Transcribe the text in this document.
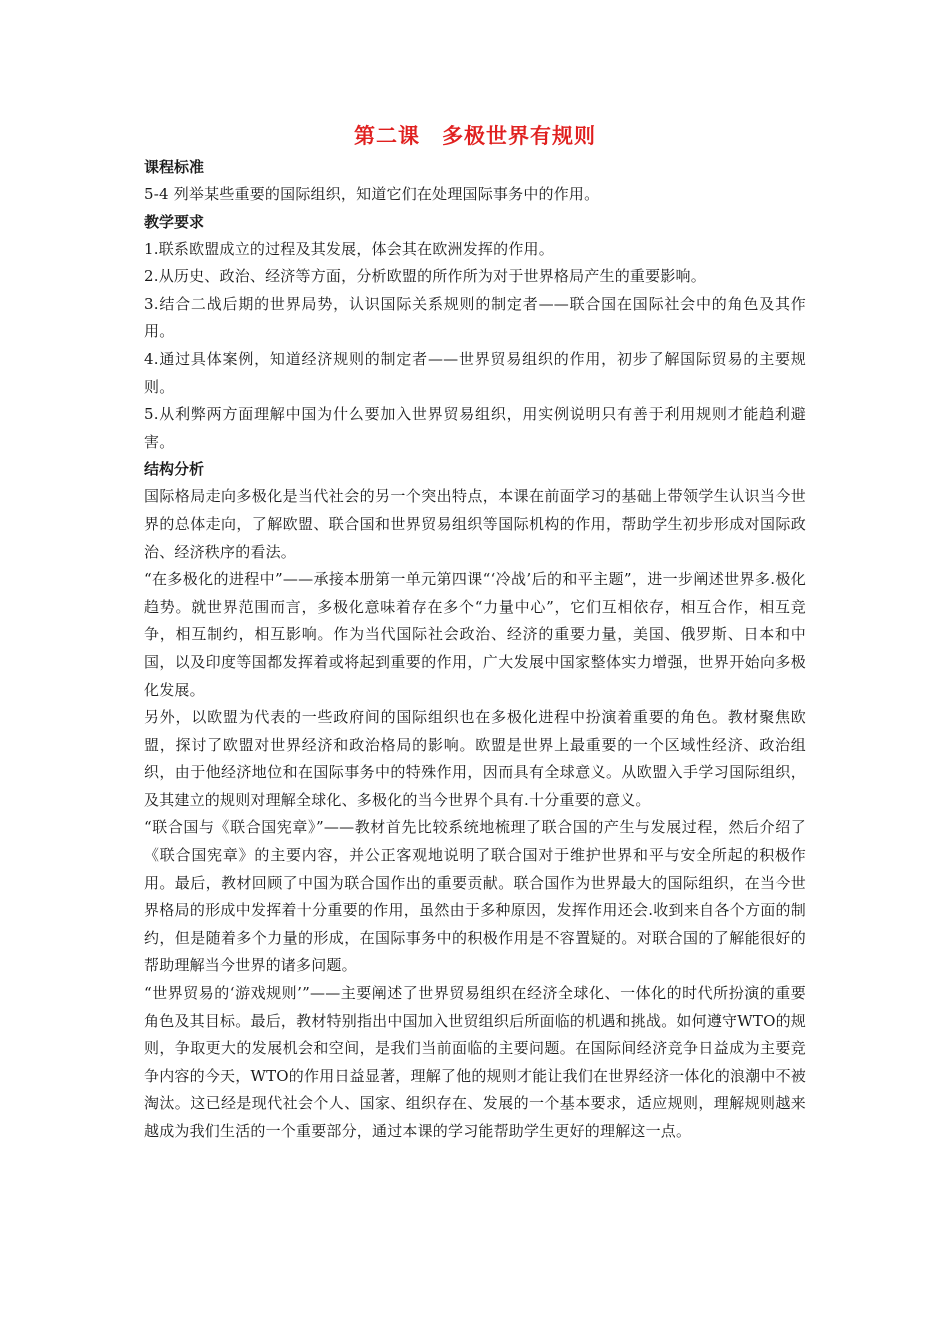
第二课 多极世界有规则
课程标准

5-4 列举某些重要的国际组织，知道它们在处理国际事务中的作用。

教学要求

1.联系欧盟成立的过程及其发展，体会其在欧洲发挥的作用。

2.从历史、政治、经济等方面，分析欧盟的所作所为对于世界格局产生的重要影响。

3.结合二战后期的世界局势，认识国际关系规则的制定者——联合国在国际社会中的角色及其作用。

4.通过具体案例，知道经济规则的制定者——世界贸易组织的作用，初步了解国际贸易的主要规则。

5.从利弊两方面理解中国为什么要加入世界贸易组织，用实例说明只有善于利用规则才能趋利避害。

结构分析

国际格局走向多极化是当代社会的另一个突出特点，本课在前面学习的基础上带领学生认识当今世界的总体走向，了解欧盟、联合国和世界贸易组织等国际机构的作用，帮助学生初步形成对国际政治、经济秩序的看法。

“在多极化的进程中”——承接本册第一单元第四课“‘冷战’后的和平主题”，进一步阐述世界多.极化趋势。就世界范围而言，多极化意味着存在多个“力量中心”，它们互相依存，相互合作，相互竞争，相互制约，相互影响。作为当代国际社会政治、经济的重要力量，美国、俄罗斯、日本和中国，以及印度等国都发挥着或将起到重要的作用，广大发展中国家整体实力增强，世界开始向多极化发展。

另外，以欧盟为代表的一些政府间的国际组织也在多极化进程中扮演着重要的角色。教材聚焦欧盟，探讨了欧盟对世界经济和政治格局的影响。欧盟是世界上最重要的一个区域性经济、政治组织，由于他经济地位和在国际事务中的特殊作用，因而具有全球意义。从欧盟入手学习国际组织，及其建立的规则对理解全球化、多极化的当今世界个具有.十分重要的意义。

“联合国与《联合国宪章》”——教材首先比较系统地梳理了联合国的产生与发展过程，然后介绍了《联合国宪章》的主要内容，并公正客观地说明了联合国对于维护世界和平与安全所起的积极作用。最后，教材回顾了中国为联合国作出的重要贡献。联合国作为世界最大的国际组织，在当今世界格局的形成中发挥着十分重要的作用，虽然由于多种原因，发挥作用还会.收到来自各个方面的制约，但是随着多个力量的形成，在国际事务中的积极作用是不容置疑的。对联合国的了解能很好的帮助理解当今世界的诸多问题。

“世界贸易的‘游戏规则’”——主要阐述了世界贸易组织在经济全球化、一体化的时代所扮演的重要角色及其目标。最后，教材特别指出中国加入世贸组织后所面临的机遇和挑战。如何遵守WTO的规则，争取更大的发展机会和空间，是我们当前面临的主要问题。在国际间经济竞争日益成为主要竞争内容的今天，WTO的作用日益显著，理解了他的规则才能让我们在世界经济一体化的浪潮中不被淘汰。这已经是现代社会个人、国家、组织存在、发展的一个基本要求，适应规则，理解规则越来越成为我们生活的一个重要部分，通过本课的学习能帮助学生更好的理解这一点。
